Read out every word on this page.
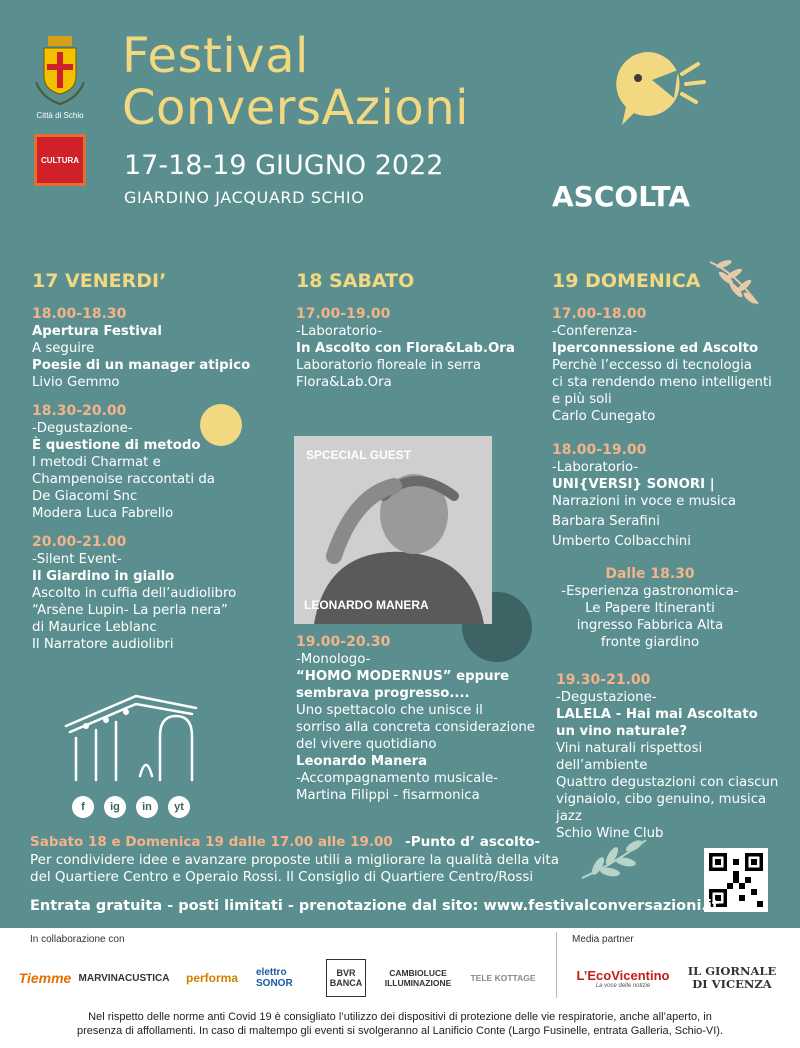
Città di Schio
CULTURA
Festival
ConversAzioni
17-18-19 GIUGNO 2022
GIARDINO JACQUARD SCHIO	ASCOLTA
17 VENERDI’	18 SABATO	19 DOMENICA
18.00-18.30
Apertura Festival
A seguire
Poesie di un manager atipico
Livio Gemmo
18.30-20.00
-Degustazione-
È questione di metodo
I metodi Charmat e
Champenoise raccontati da
De Giacomi Snc
Modera Luca Fabrello
20.00-21.00
-Silent Event-
Il Giardino in giallo
Ascolto in cuffia dell’audiolibro
“Arsène Lupin- La perla nera”
di Maurice Leblanc
Il Narratore audiolibri
17.00-19.00
-Laboratorio-
In Ascolto con Flora&Lab.Ora
Laboratorio floreale in serra
Flora&Lab.Ora
SPCECIAL GUEST
LEONARDO MANERA
19.00-20.30
-Monologo-
“HOMO MODERNUS” eppure
sembrava progresso....
Uno spettacolo che unisce il
sorriso alla concreta considerazione
del vivere quotidiano
Leonardo Manera
-Accompagnamento musicale-
Martina Filippi - fisarmonica
17.00-18.00
-Conferenza-
Iperconnessione ed Ascolto
Perchè l’eccesso di tecnologia
ci sta rendendo meno intelligenti
e più soli
Carlo Cunegato
18.00-19.00
-Laboratorio-
UNI{VERSI} SONORI |
Narrazioni in voce e musica
Barbara Serafini
Umberto Colbacchini
Dalle 18.30
-Esperienza gastronomica-
Le Papere Itineranti
ingresso Fabbrica Alta
fronte giardino
19.30-21.00
-Degustazione-
LALELA - Hai mai Ascoltato
un vino naturale?
Vini naturali rispettosi dell’ambiente
Quattro degustazioni con ciascun
vignaiolo, cibo genuino, musica jazz
Schio Wine Club
f	ig	in	yt
Sabato 18 e Domenica 19 dalle 17.00 alle 19.00 -Punto d’ ascolto-
Per condividere idee e avanzare proposte utili a migliorare la qualità della vita
del Quartiere Centro e Operaio Rossi. Il Consiglio di Quartiere Centro/Rossi
Entrata gratuita - posti limitati - prenotazione dal sito: www.festivalconversazioni.it
In collaborazione con	Media partner
Tiemme MARVINACUSTICA	performa	elettro SONOR
BVR BANCA
CAMBIOLUCE ILLUMINAZIONE	TELE KOTTAGE	L’EcoVicentino
La voce delle notizie
IL GIORNALE DI VICENZA
Nel rispetto delle norme anti Covid 19 è consigliato l’utilizzo dei dispositivi di protezione delle vie respiratorie, anche all’aperto, in
presenza di affollamenti. In caso di maltempo gli eventi si svolgeranno al Lanificio Conte (Largo Fusinelle, entrata Galleria, Schio-VI).
